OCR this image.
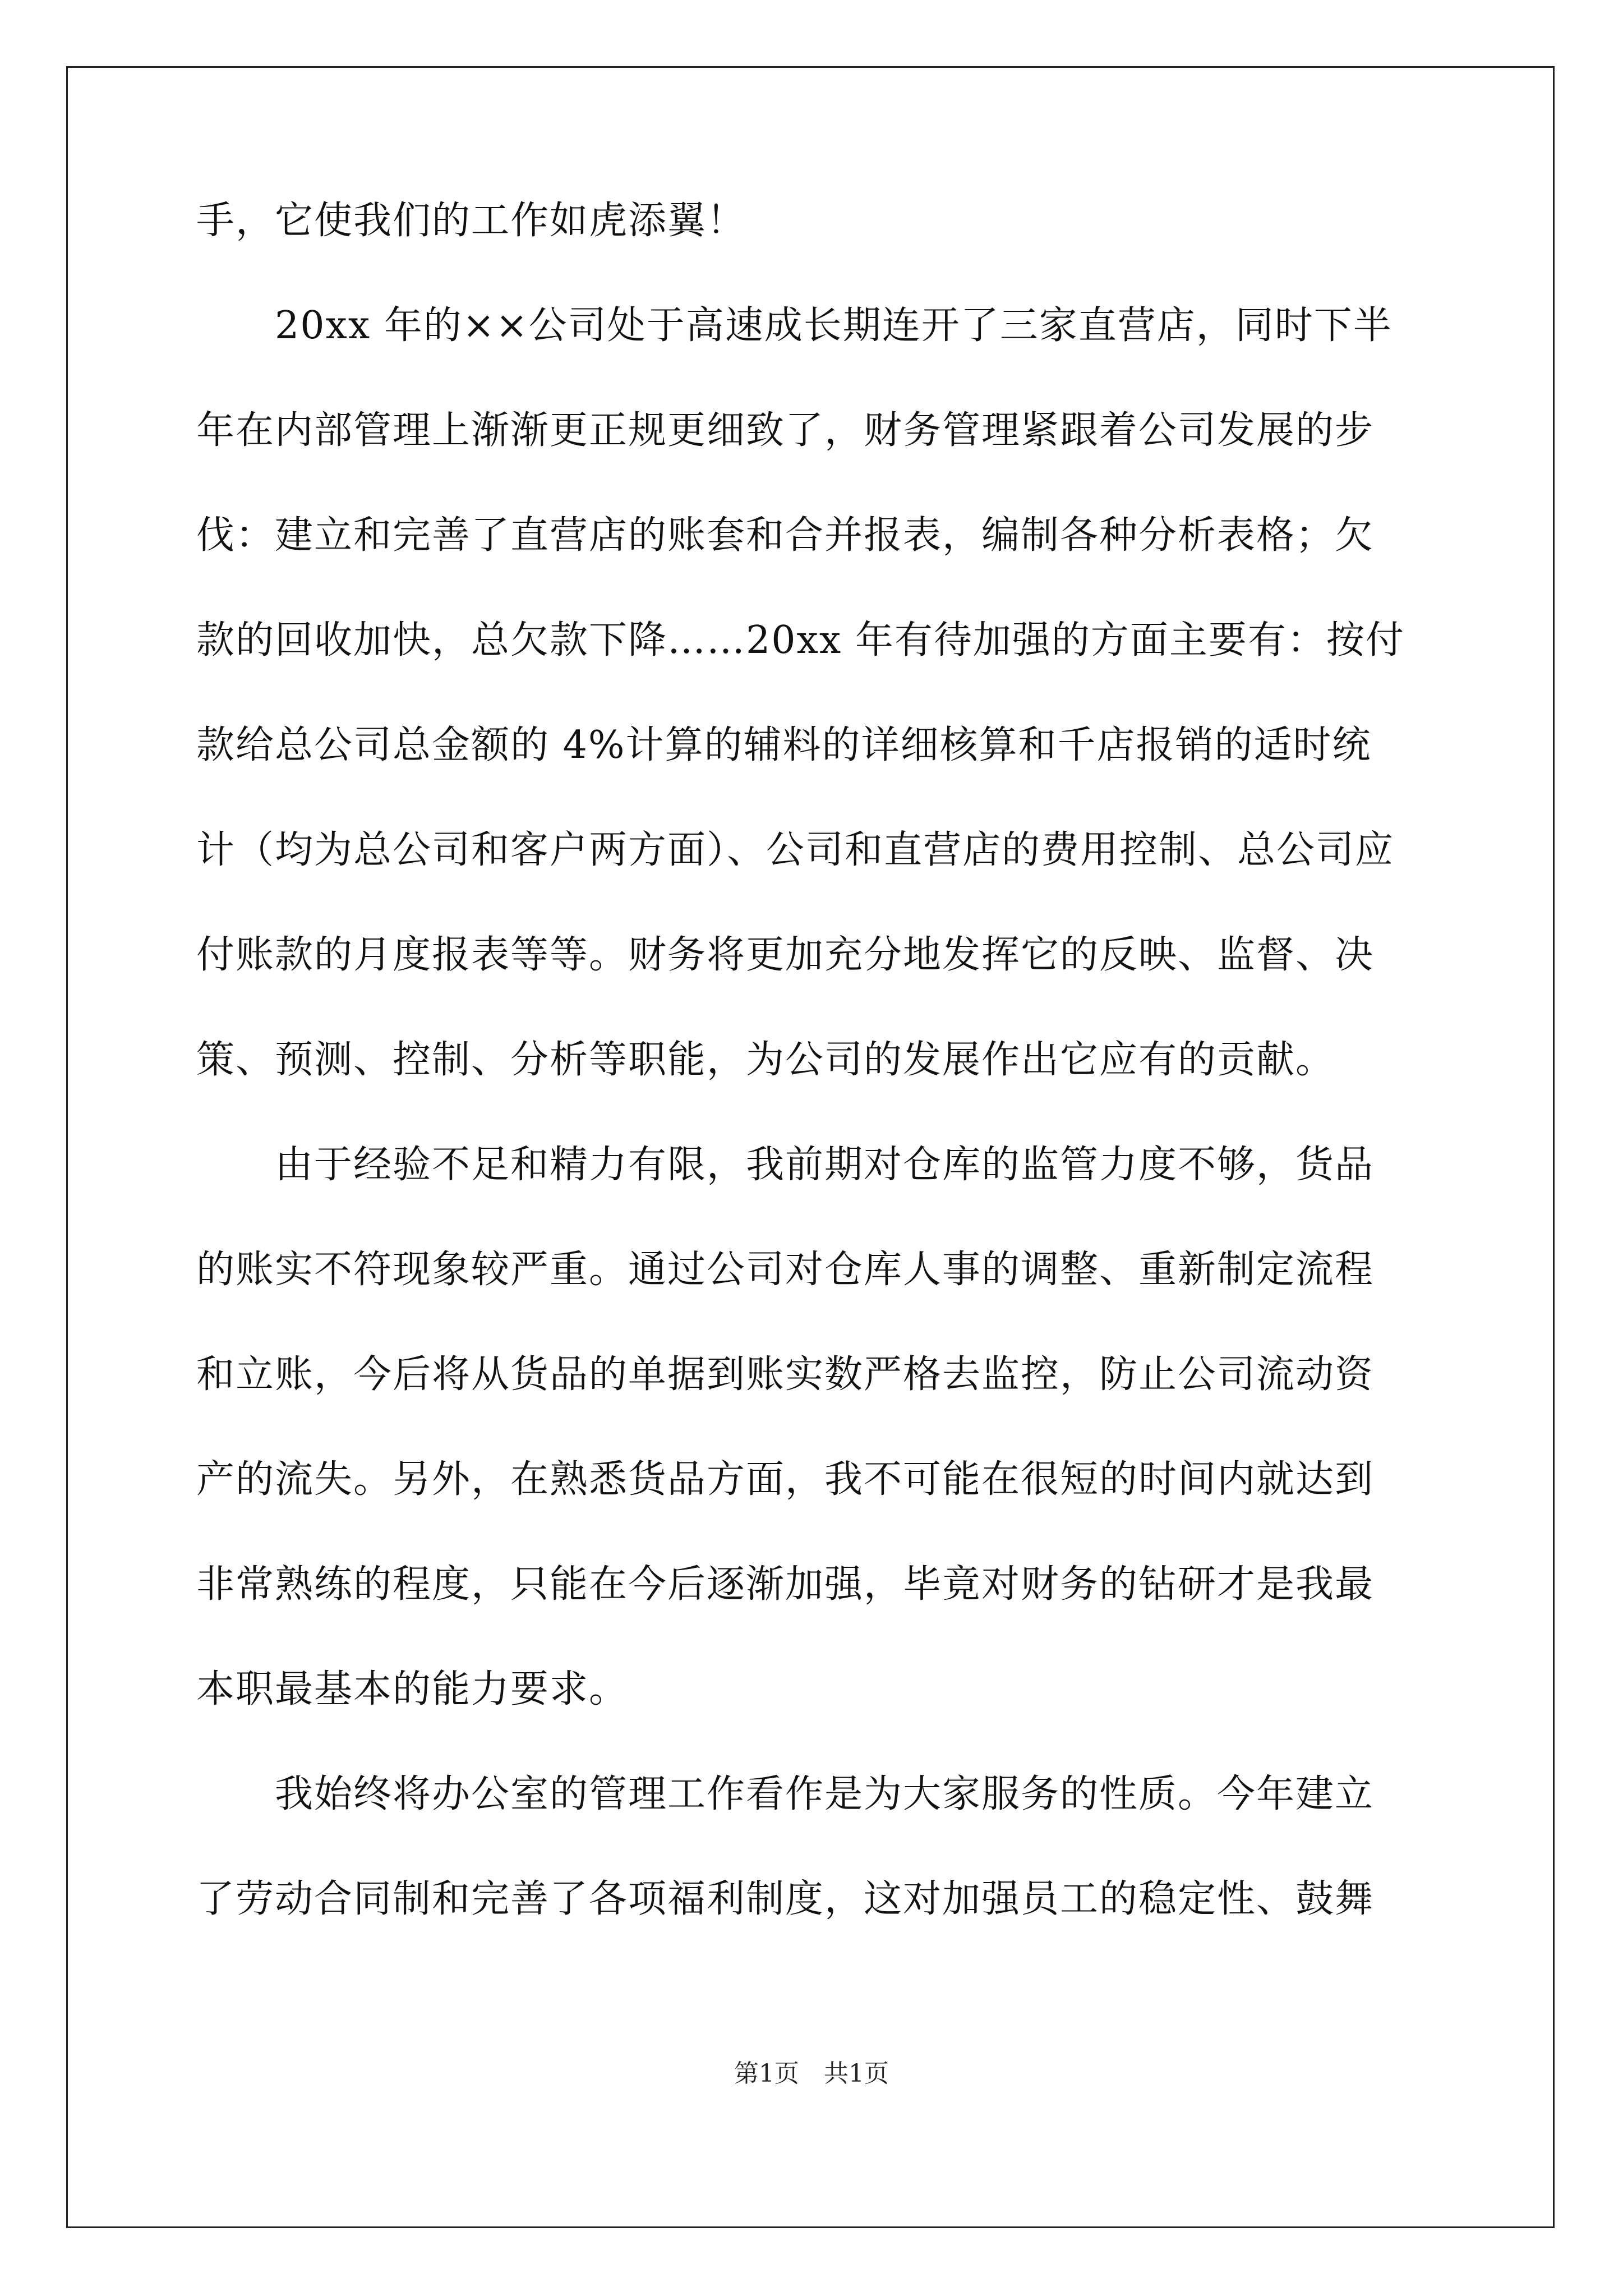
手，它使我们的工作如虎添翼！
　　20xx 年的××公司处于高速成长期连开了三家直营店，同时下半
年在内部管理上渐渐更正规更细致了，财务管理紧跟着公司发展的步
伐：建立和完善了直营店的账套和合并报表，编制各种分析表格；欠
款的回收加快，总欠款下降……20xx 年有待加强的方面主要有：按付
款给总公司总金额的 4%计算的辅料的详细核算和千店报销的适时统
计（均为总公司和客户两方面）、公司和直营店的费用控制、总公司应
付账款的月度报表等等。财务将更加充分地发挥它的反映、监督、决
策、预测、控制、分析等职能，为公司的发展作出它应有的贡献。
　　由于经验不足和精力有限，我前期对仓库的监管力度不够，货品
的账实不符现象较严重。通过公司对仓库人事的调整、重新制定流程
和立账，今后将从货品的单据到账实数严格去监控，防止公司流动资
产的流失。另外，在熟悉货品方面，我不可能在很短的时间内就达到
非常熟练的程度，只能在今后逐渐加强，毕竟对财务的钻研才是我最
本职最基本的能力要求。
　　我始终将办公室的管理工作看作是为大家服务的性质。今年建立
了劳动合同制和完善了各项福利制度，这对加强员工的稳定性、鼓舞
第1页　共1页
